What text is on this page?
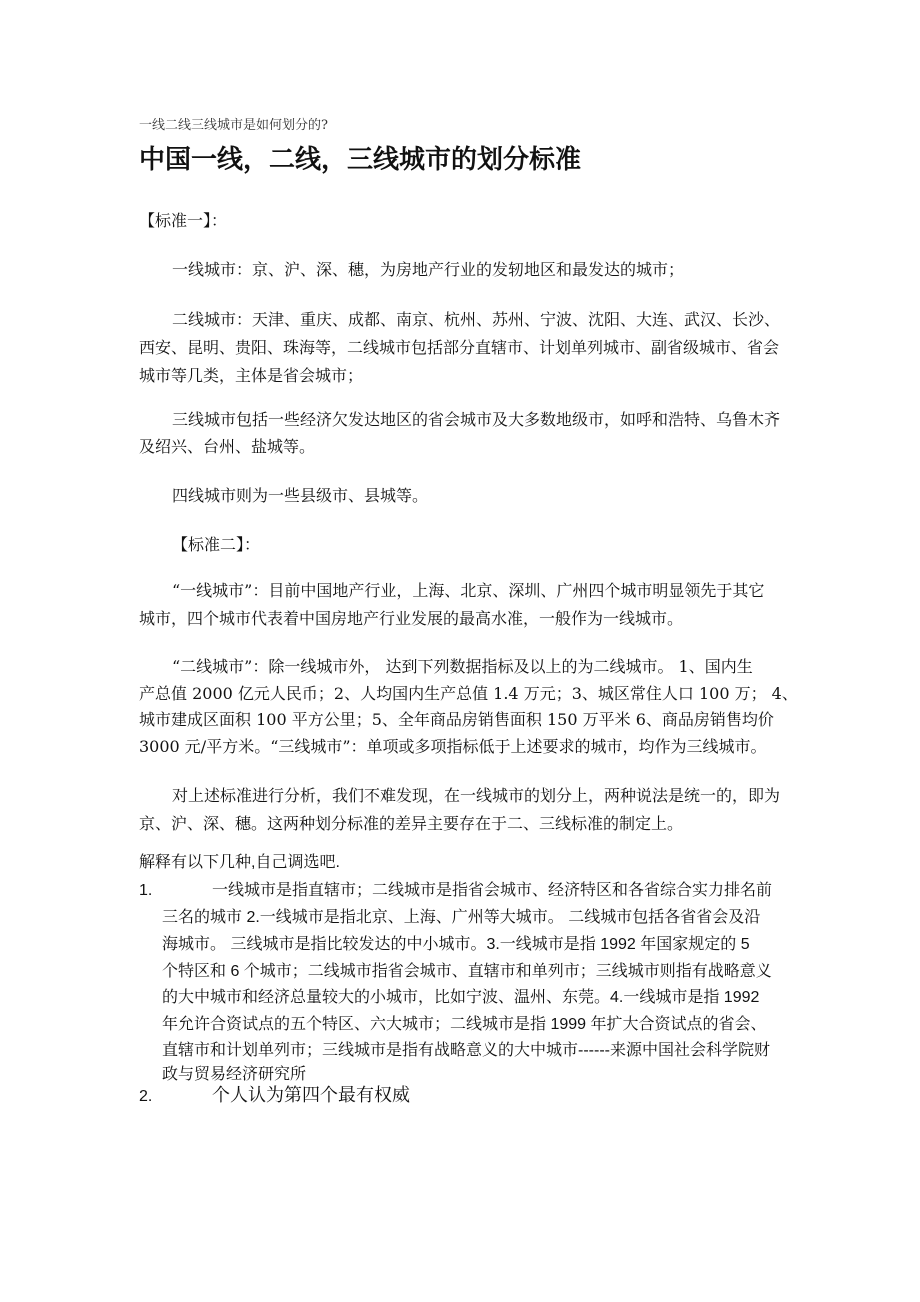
一线二线三线城市是如何划分的?
中国一线，二线，三线城市的划分标准
【标准一】：
一线城市：京、沪、深、穗，为房地产行业的发轫地区和最发达的城市；
二线城市：天津、重庆、成都、南京、杭州、苏州、宁波、沈阳、大连、武汉、长沙、
西安、昆明、贵阳、珠海等，二线城市包括部分直辖市、计划单列城市、副省级城市、省会
城市等几类，主体是省会城市；
三线城市包括一些经济欠发达地区的省会城市及大多数地级市，如呼和浩特、乌鲁木齐
及绍兴、台州、盐城等。
四线城市则为一些县级市、县城等。
【标准二】：
“一线城市”：目前中国地产行业，上海、北京、深圳、广州四个城市明显领先于其它
城市，四个城市代表着中国房地产行业发展的最高水准，一般作为一线城市。
“二线城市”：除一线城市外， 达到下列数据指标及以上的为二线城市。 1、国内生
产总值 2000 亿元人民币；2、人均国内生产总值 1.4 万元；3、城区常住人口 100 万； 4、
城市建成区面积 100 平方公里；5、全年商品房销售面积 150 万平米 6、商品房销售均价
3000 元/平方米。“三线城市”：单项或多项指标低于上述要求的城市，均作为三线城市。
对上述标准进行分析，我们不难发现，在一线城市的划分上，两种说法是统一的，即为
京、沪、深、穗。这两种划分标准的差异主要存在于二、三线标准的制定上。
解释有以下几种,自己调选吧.
1.	一线城市是指直辖市；二线城市是指省会城市、经济特区和各省综合实力排名前
三名的城市 2.一线城市是指北京、上海、广州等大城市。 二线城市包括各省省会及沿
海城市。 三线城市是指比较发达的中小城市。3.一线城市是指 1992 年国家规定的 5
个特区和 6 个城市；二线城市指省会城市、直辖市和单列市；三线城市则指有战略意义
的大中城市和经济总量较大的小城市，比如宁波、温州、东莞。4.一线城市是指 1992
年允许合资试点的五个特区、六大城市；二线城市是指 1999 年扩大合资试点的省会、
直辖市和计划单列市；三线城市是指有战略意义的大中城市------来源中国社会科学院财
政与贸易经济研究所
2.	个人认为第四个最有权威
